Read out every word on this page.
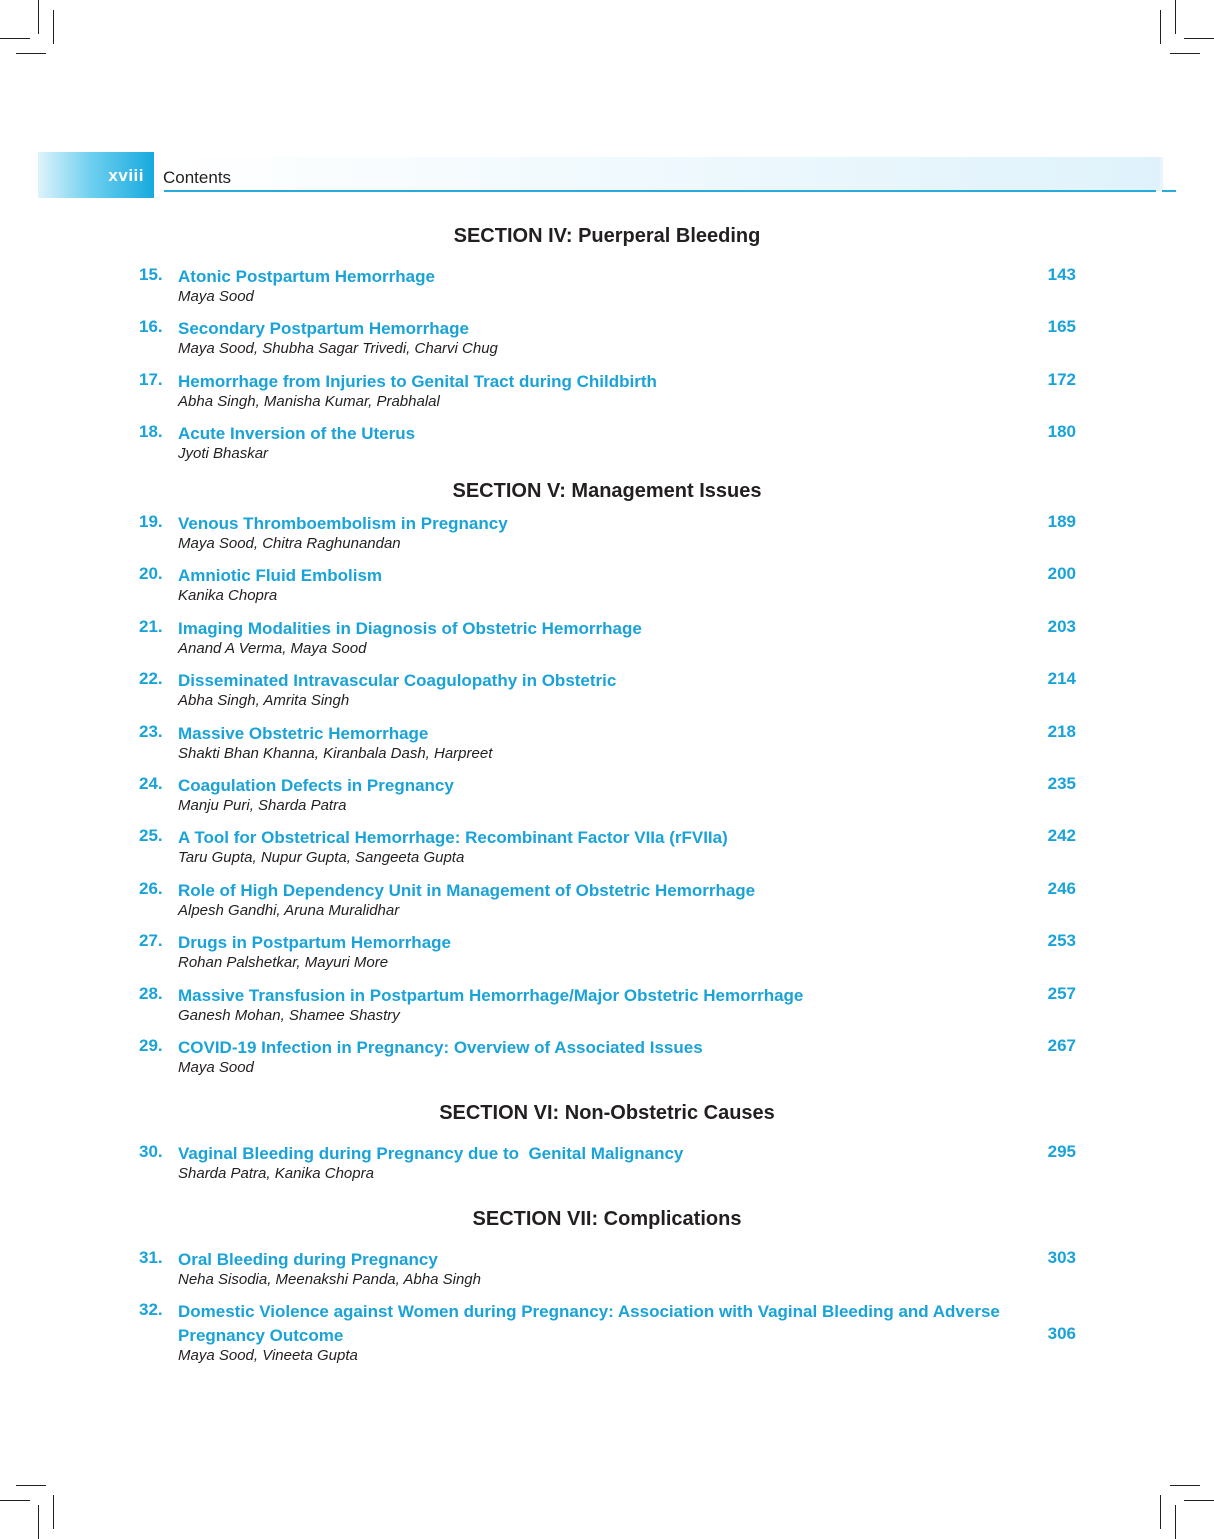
xviii Contents
SECTION IV: Puerperal Bleeding
15. Atonic Postpartum Hemorrhage	143
Maya Sood
16. Secondary Postpartum Hemorrhage	165
Maya Sood, Shubha Sagar Trivedi, Charvi Chug
17. Hemorrhage from Injuries to Genital Tract during Childbirth	172
Abha Singh, Manisha Kumar, Prabhalal
18. Acute Inversion of the Uterus	180
Jyoti Bhaskar
SECTION V: Management Issues
19. Venous Thromboembolism in Pregnancy	189
Maya Sood, Chitra Raghunandan
20. Amniotic Fluid Embolism	200
Kanika Chopra
21. Imaging Modalities in Diagnosis of Obstetric Hemorrhage	203
Anand A Verma, Maya Sood
22. Disseminated Intravascular Coagulopathy in Obstetric	214
Abha Singh, Amrita Singh
23. Massive Obstetric Hemorrhage	218
Shakti Bhan Khanna, Kiranbala Dash, Harpreet
24. Coagulation Defects in Pregnancy	235
Manju Puri, Sharda Patra
25. A Tool for Obstetrical Hemorrhage: Recombinant Factor VIIa (rFVIIa)	242
Taru Gupta, Nupur Gupta, Sangeeta Gupta
26. Role of High Dependency Unit in Management of Obstetric Hemorrhage	246
Alpesh Gandhi, Aruna Muralidhar
27. Drugs in Postpartum Hemorrhage	253
Rohan Palshetkar, Mayuri More
28. Massive Transfusion in Postpartum Hemorrhage/Major Obstetric Hemorrhage	257
Ganesh Mohan, Shamee Shastry
29. COVID-19 Infection in Pregnancy: Overview of Associated Issues	267
Maya Sood
SECTION VI: Non-Obstetric Causes
30. Vaginal Bleeding during Pregnancy due to  Genital Malignancy	295
Sharda Patra, Kanika Chopra
SECTION VII: Complications
31. Oral Bleeding during Pregnancy	303
Neha Sisodia, Meenakshi Panda, Abha Singh
32. Domestic Violence against Women during Pregnancy: Association with Vaginal Bleeding and Adverse Pregnancy Outcome	306
Maya Sood, Vineeta Gupta
